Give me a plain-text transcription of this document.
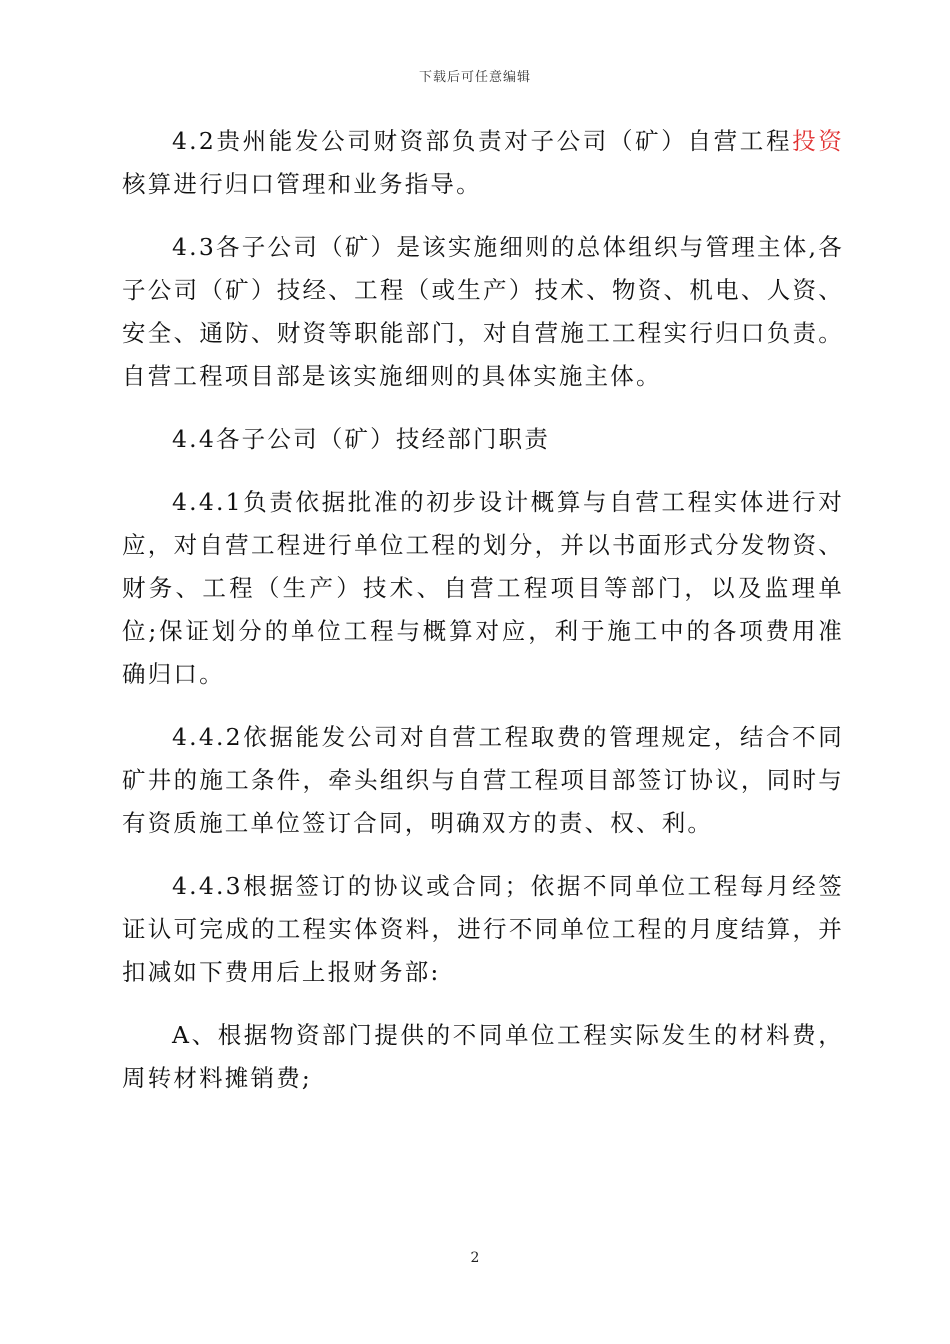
下载后可任意编辑

4.2贵州能发公司财资部负责对子公司（矿）自营工程投资核算进行归口管理和业务指导。

4.3各子公司（矿）是该实施细则的总体组织与管理主体,各子公司（矿）技经、工程（或生产）技术、物资、机电、人资、安全、通防、财资等职能部门，对自营施工工程实行归口负责。自营工程项目部是该实施细则的具体实施主体。

4.4各子公司（矿）技经部门职责

4.4.1负责依据批准的初步设计概算与自营工程实体进行对应，对自营工程进行单位工程的划分，并以书面形式分发物资、财务、工程（生产）技术、自营工程项目等部门，以及监理单位;保证划分的单位工程与概算对应，利于施工中的各项费用准确归口。

4.4.2依据能发公司对自营工程取费的管理规定，结合不同矿井的施工条件，牵头组织与自营工程项目部签订协议，同时与有资质施工单位签订合同，明确双方的责、权、利。

4.4.3根据签订的协议或合同；依据不同单位工程每月经签证认可完成的工程实体资料，进行不同单位工程的月度结算，并扣减如下费用后上报财务部:

A、根据物资部门提供的不同单位工程实际发生的材料费，周转材料摊销费;

2
